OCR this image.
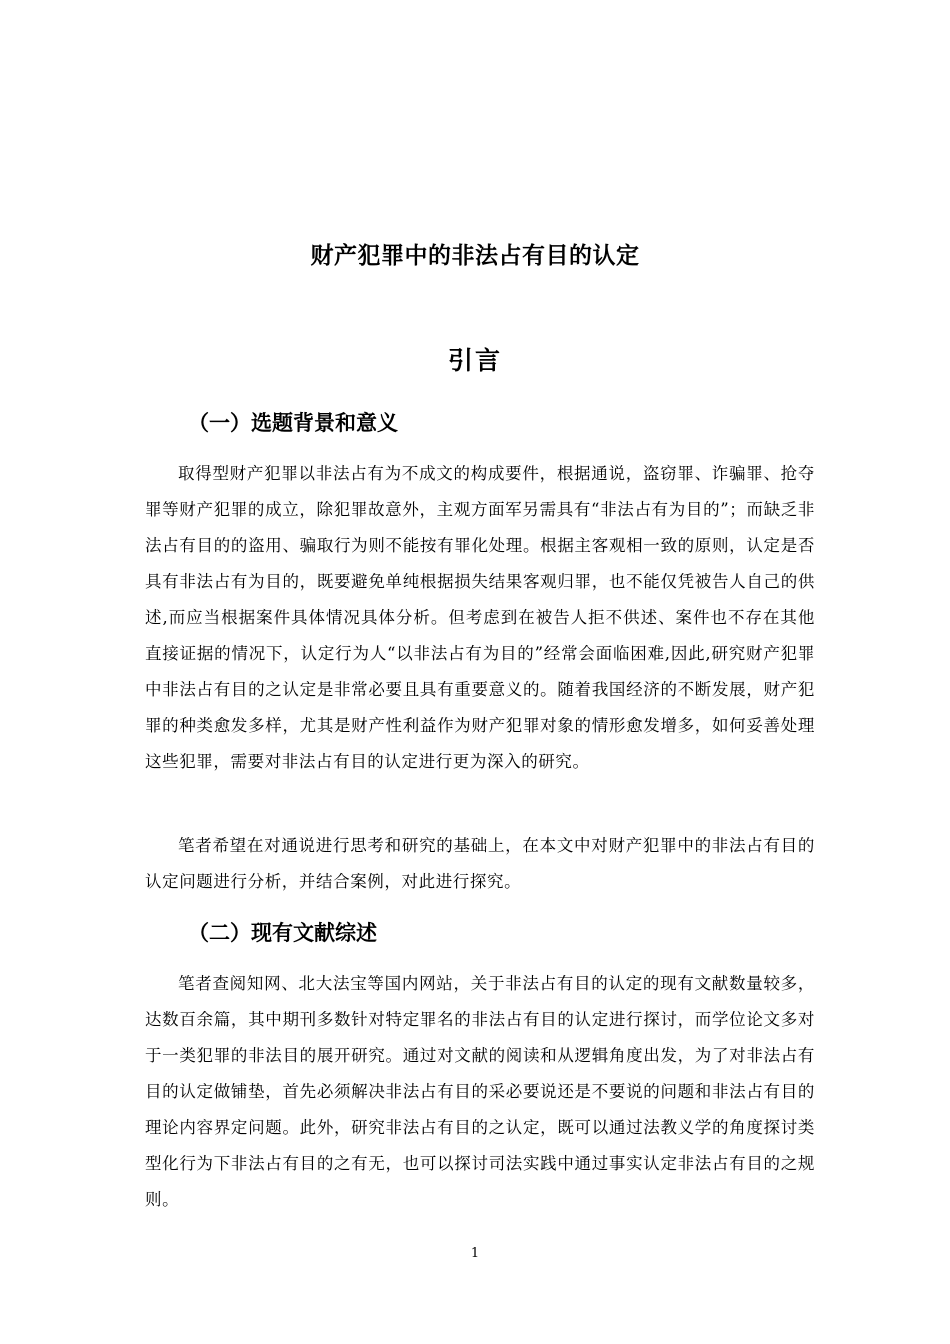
财产犯罪中的非法占有目的认定
引言
（一）选题背景和意义

取得型财产犯罪以非法占有为不成文的构成要件，根据通说，盗窃罪、诈骗罪、抢夺罪等财产犯罪的成立，除犯罪故意外，主观方面军另需具有“非法占有为目的”；而缺乏非法占有目的的盗用、骗取行为则不能按有罪化处理。根据主客观相一致的原则，认定是否具有非法占有为目的，既要避免单纯根据损失结果客观归罪，也不能仅凭被告人自己的供述,而应当根据案件具体情况具体分析。但考虑到在被告人拒不供述、案件也不存在其他直接证据的情况下，认定行为人“以非法占有为目的”经常会面临困难,因此,研究财产犯罪中非法占有目的之认定是非常必要且具有重要意义的。随着我国经济的不断发展，财产犯罪的种类愈发多样，尤其是财产性利益作为财产犯罪对象的情形愈发增多，如何妥善处理这些犯罪，需要对非法占有目的认定进行更为深入的研究。

笔者希望在对通说进行思考和研究的基础上，在本文中对财产犯罪中的非法占有目的认定问题进行分析，并结合案例，对此进行探究。

（二）现有文献综述

笔者查阅知网、北大法宝等国内网站，关于非法占有目的认定的现有文献数量较多，达数百余篇，其中期刊多数针对特定罪名的非法占有目的认定进行探讨，而学位论文多对于一类犯罪的非法目的展开研究。通过对文献的阅读和从逻辑角度出发，为了对非法占有目的认定做铺垫，首先必须解决非法占有目的采必要说还是不要说的问题和非法占有目的理论内容界定问题。此外，研究非法占有目的之认定，既可以通过法教义学的角度探讨类型化行为下非法占有目的之有无，也可以探讨司法实践中通过事实认定非法占有目的之规则。

1
